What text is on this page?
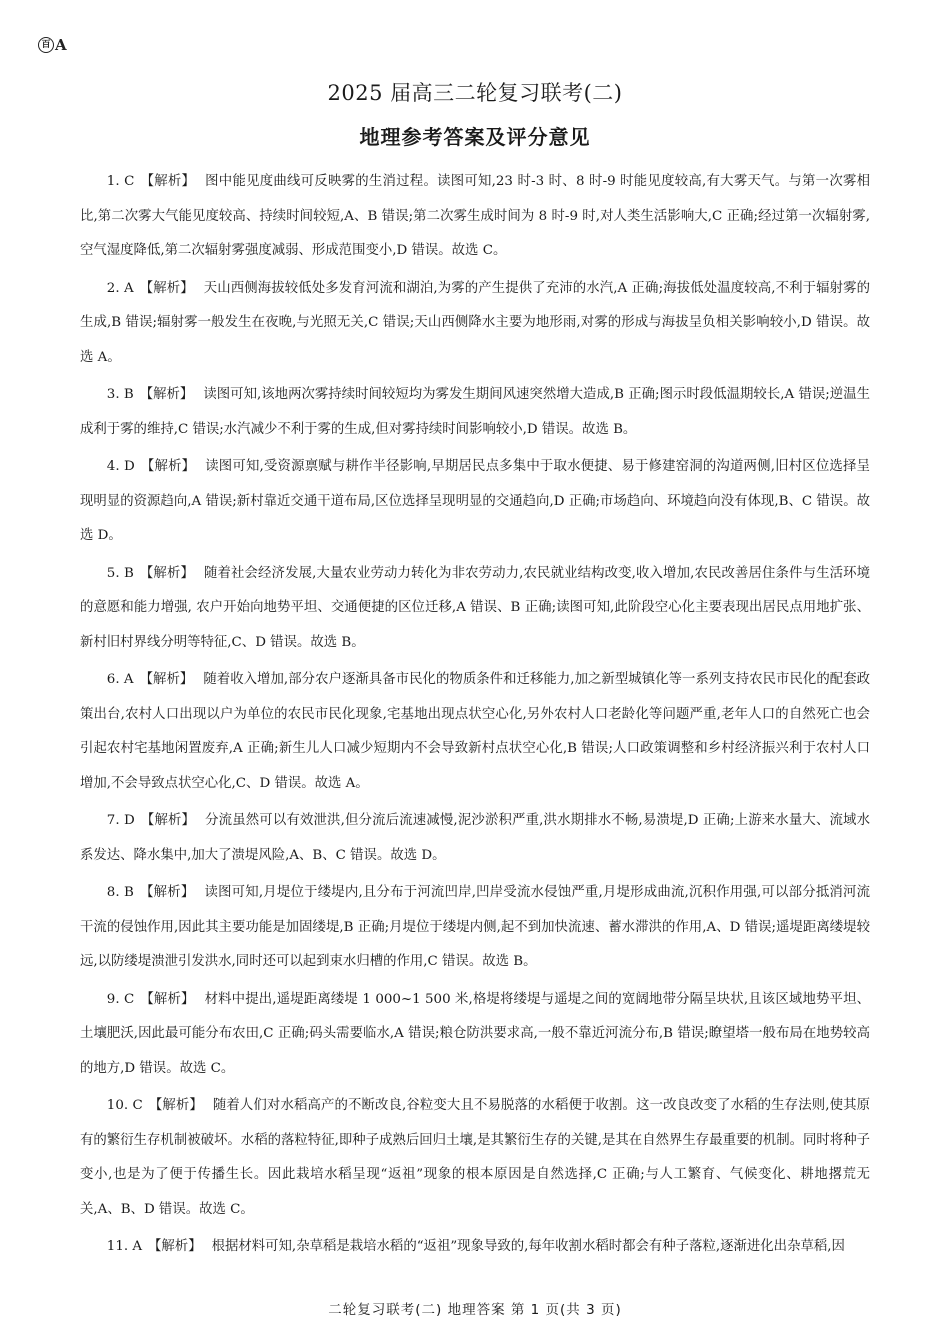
百 A
2025 届高三二轮复习联考(二)
地理参考答案及评分意见

1. C 【解析】 图中能见度曲线可反映雾的生消过程。读图可知,23 时-3 时、8 时-9 时能见度较高,有大雾天气。与第一次雾相比,第二次雾大气能见度较高、持续时间较短,A、B 错误;第二次雾生成时间为 8 时-9 时,对人类生活影响大,C 正确;经过第一次辐射雾,空气湿度降低,第二次辐射雾强度减弱、形成范围变小,D 错误。故选 C。

2. A 【解析】 天山西侧海拔较低处多发育河流和湖泊,为雾的产生提供了充沛的水汽,A 正确;海拔低处温度较高,不利于辐射雾的生成,B 错误;辐射雾一般发生在夜晚,与光照无关,C 错误;天山西侧降水主要为地形雨,对雾的形成与海拔呈负相关影响较小,D 错误。故选 A。

3. B 【解析】 读图可知,该地两次雾持续时间较短均为雾发生期间风速突然增大造成,B 正确;图示时段低温期较长,A 错误;逆温生成利于雾的维持,C 错误;水汽减少不利于雾的生成,但对雾持续时间影响较小,D 错误。故选 B。

4. D 【解析】 读图可知,受资源禀赋与耕作半径影响,早期居民点多集中于取水便捷、易于修建窑洞的沟道两侧,旧村区位选择呈现明显的资源趋向,A 错误;新村靠近交通干道布局,区位选择呈现明显的交通趋向,D 正确;市场趋向、环境趋向没有体现,B、C 错误。故选 D。

5. B 【解析】 随着社会经济发展,大量农业劳动力转化为非农劳动力,农民就业结构改变,收入增加,农民改善居住条件与生活环境的意愿和能力增强, 农户开始向地势平坦、交通便捷的区位迁移,A 错误、B 正确;读图可知,此阶段空心化主要表现出居民点用地扩张、新村旧村界线分明等特征,C、D 错误。故选 B。

6. A 【解析】 随着收入增加,部分农户逐渐具备市民化的物质条件和迁移能力,加之新型城镇化等一系列支持农民市民化的配套政策出台,农村人口出现以户为单位的农民市民化现象,宅基地出现点状空心化,另外农村人口老龄化等问题严重,老年人口的自然死亡也会引起农村宅基地闲置废弃,A 正确;新生儿人口减少短期内不会导致新村点状空心化,B 错误;人口政策调整和乡村经济振兴利于农村人口增加,不会导致点状空心化,C、D 错误。故选 A。

7. D 【解析】 分流虽然可以有效泄洪,但分流后流速减慢,泥沙淤积严重,洪水期排水不畅,易溃堤,D 正确;上游来水量大、流域水系发达、降水集中,加大了溃堤风险,A、B、C 错误。故选 D。

8. B 【解析】 读图可知,月堤位于缕堤内,且分布于河流凹岸,凹岸受流水侵蚀严重,月堤形成曲流,沉积作用强,可以部分抵消河流干流的侵蚀作用,因此其主要功能是加固缕堤,B 正确;月堤位于缕堤内侧,起不到加快流速、蓄水滞洪的作用,A、D 错误;遥堤距离缕堤较远,以防缕堤溃泄引发洪水,同时还可以起到束水归槽的作用,C 错误。故选 B。

9. C 【解析】 材料中提出,遥堤距离缕堤 1 000~1 500 米,格堤将缕堤与遥堤之间的宽阔地带分隔呈块状,且该区域地势平坦、土壤肥沃,因此最可能分布农田,C 正确;码头需要临水,A 错误;粮仓防洪要求高,一般不靠近河流分布,B 错误;瞭望塔一般布局在地势较高的地方,D 错误。故选 C。

10. C 【解析】 随着人们对水稻高产的不断改良,谷粒变大且不易脱落的水稻便于收割。这一改良改变了水稻的生存法则,使其原有的繁衍生存机制被破坏。水稻的落粒特征,即种子成熟后回归土壤,是其繁衍生存的关键,是其在自然界生存最重要的机制。同时将种子变小,也是为了便于传播生长。因此栽培水稻呈现“返祖”现象的根本原因是自然选择,C 正确;与人工繁育、气候变化、耕地撂荒无关,A、B、D 错误。故选 C。

11. A 【解析】 根据材料可知,杂草稻是栽培水稻的“返祖”现象导致的,每年收割水稻时都会有种子落粒,逐渐进化出杂草稻,因

二轮复习联考(二) 地理答案 第 1 页(共 3 页)
